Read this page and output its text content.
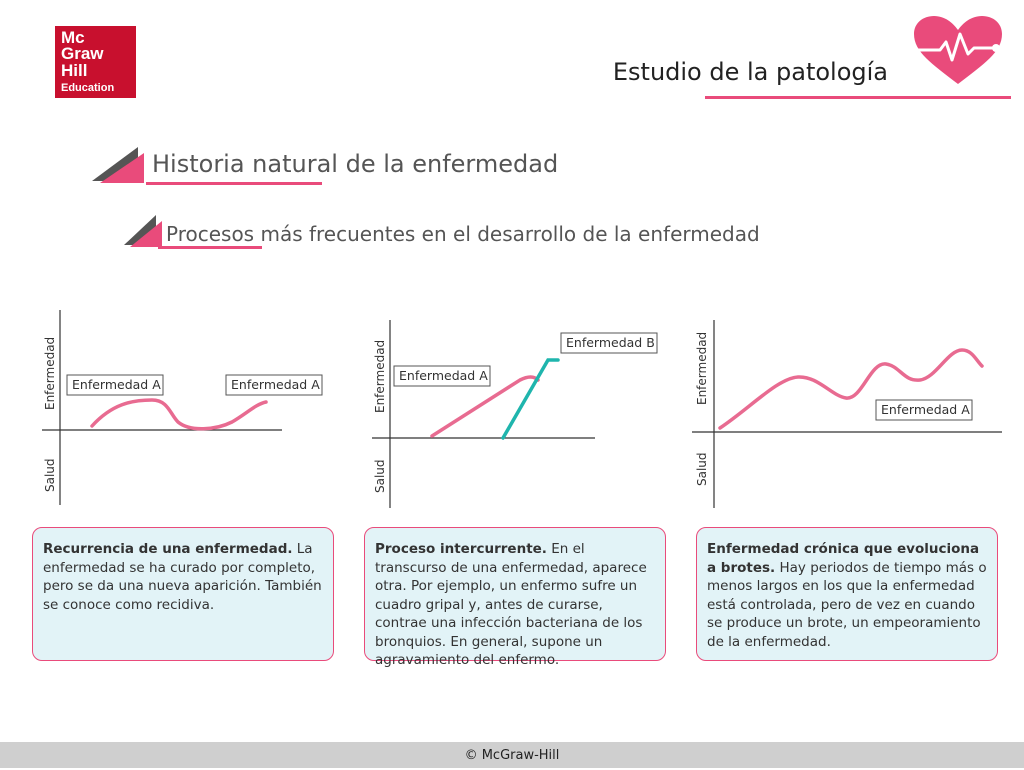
Mc
Graw
Hill
Education
Estudio de la patología
Historia natural de la enfermedad
Procesos más frecuentes en el desarrollo de la enfermedad
Enfermedad
Salud
Enfermedad A	Enfermedad A	Enfermedad
Salud
Enfermedad A
Enfermedad B	Enfermedad
Salud
Enfermedad A
Recurrencia de una enfermedad. La enfermedad se ha curado por completo, pero se da una nueva aparición. También se conoce como recidiva.
Proceso intercurrente. En el transcurso de una enfermedad, aparece otra. Por ejemplo, un enfermo sufre un cuadro gripal y, antes de curarse, contrae una infección bacteriana de los bronquios. En general, supone un agravamiento del enfermo.
Enfermedad crónica que evoluciona a brotes. Hay periodos de tiempo más o menos largos en los que la enfermedad está controlada, pero de vez en cuando se produce un brote, un empeoramiento de la enfermedad.
© McGraw-Hill
